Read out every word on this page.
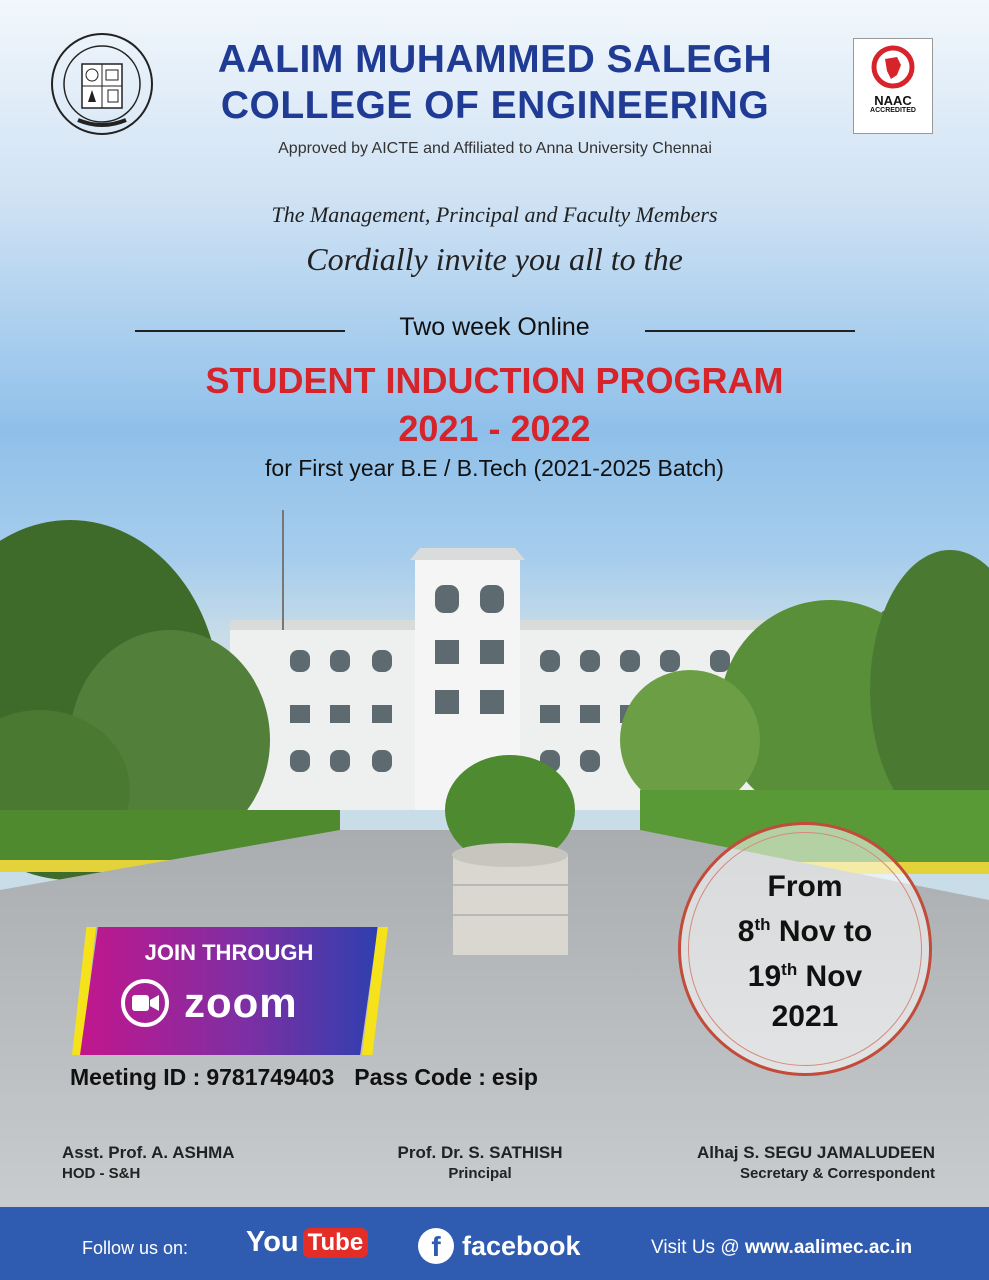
AALIM MUHAMMED SALEGH
COLLEGE OF ENGINEERING
Approved by AICTE and Affiliated to Anna University Chennai
NAAC
ACCREDITED
The Management, Principal and Faculty Members
Cordially invite you all to the
Two week Online
STUDENT INDUCTION PROGRAM
2021 - 2022
for First year B.E / B.Tech (2021-2025 Batch)
JOIN THROUGH
zoom
Meeting ID : 9781749403 Pass Code : esip
From
8th Nov to
19th Nov
2021
Asst. Prof. A. ASHMA
HOD - S&H
Prof. Dr. S. SATHISH
Principal
Alhaj S. SEGU JAMALUDEEN
Secretary & Correspondent
Follow us on: You Tube	f facebook	Visit Us @ www.aalimec.ac.in
